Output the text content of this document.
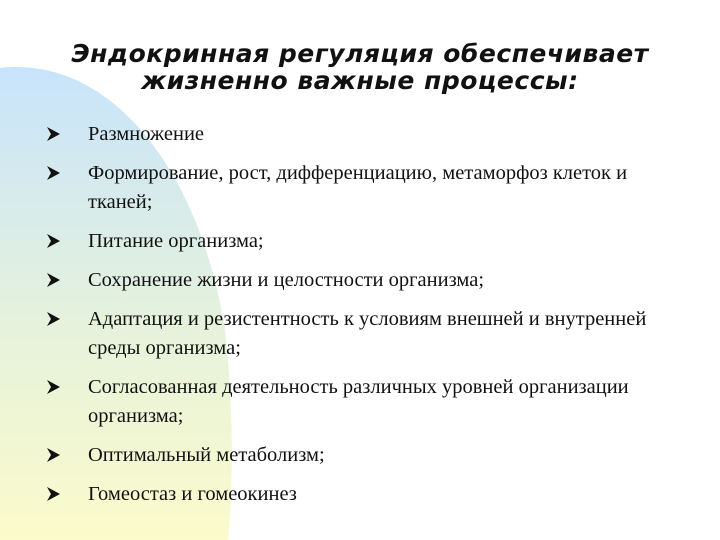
Эндокринная регуляция обеспечивает
жизненно важные процессы:
Размножение
Формирование, рост, дифференциацию, метаморфоз клеток и тканей;
Питание организма;
Сохранение жизни и целостности организма;
Адаптация и резистентность к условиям внешней и внутренней среды организма;
Согласованная деятельность различных уровней организации организма;
Оптимальный метаболизм;
Гомеостаз и гомеокинез
